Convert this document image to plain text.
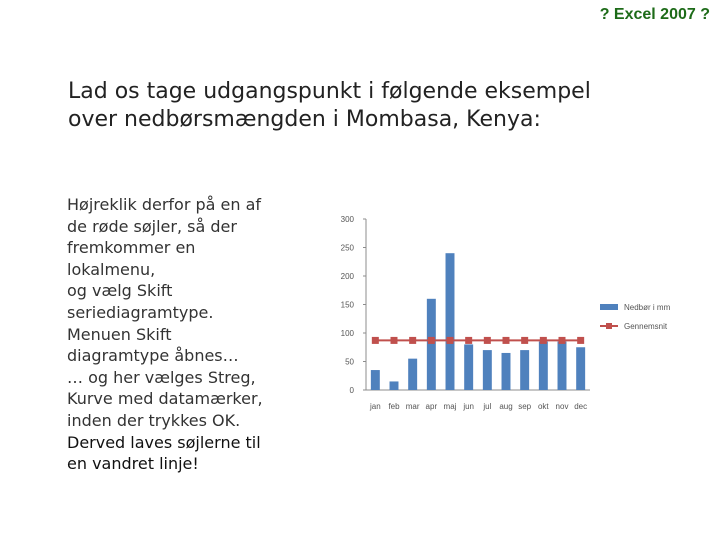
? Excel 2007 ?
Lad os tage udgangspunkt i følgende eksempel
over nedbørsmængden i Mombasa, Kenya:
Højreklik derfor på en af
de røde søjler, så der
fremkommer en
lokalmenu,
og vælg Skift
seriediagramtype.
Menuen Skift
diagramtype åbnes…
… og her vælges Streg,
Kurve med datamærker,
inden der trykkes OK.
Derved laves søjlerne til
en vandret linje!
0
50
100
150
200
250
300
jan feb mar apr maj jun jul aug sep okt nov dec
Nedbør i mm
Gennemsnit
